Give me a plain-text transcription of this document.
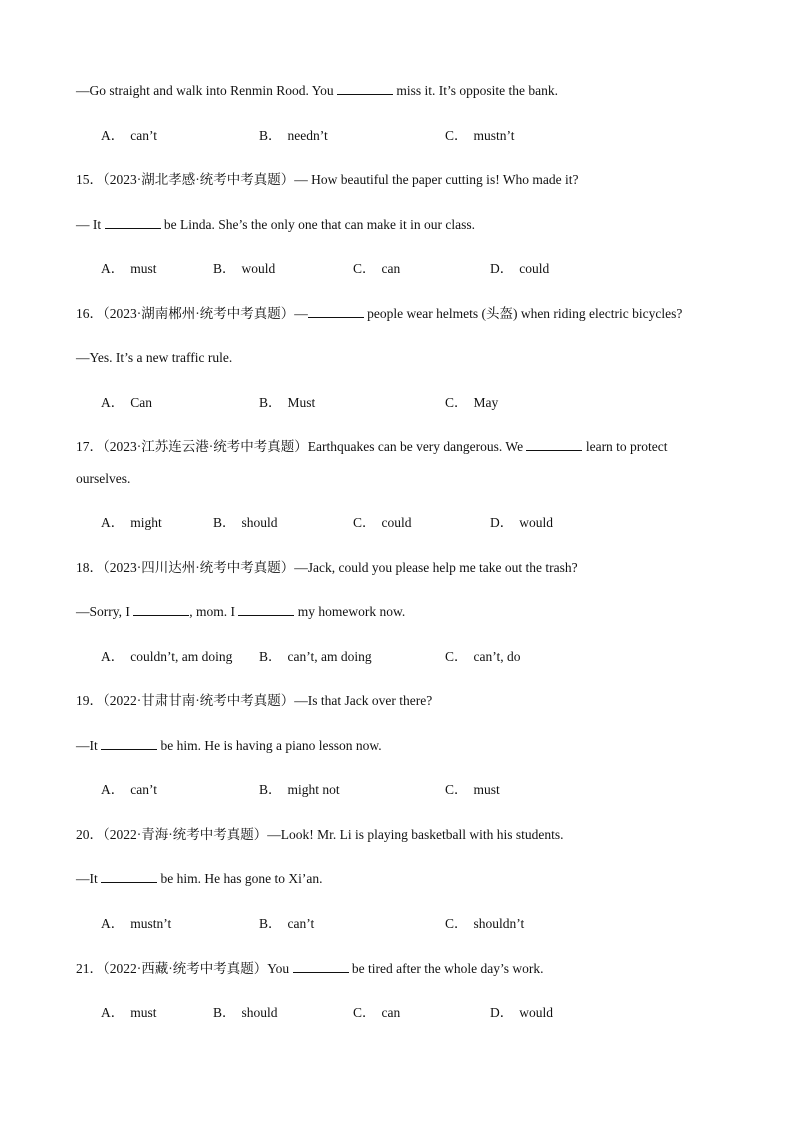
—Go straight and walk into Renmin Rood. You	miss it. It’s opposite the bank.
A． can’t	B． needn’t	C． mustn’t
15．（2023·湖北孝感·统考中考真题）— How beautiful the paper cutting is! Who made it?
— It	be Linda. She’s the only one that can make it in our class.
A． must	B． would	C． can	D． could
16．（2023·湖南郴州·统考中考真题）—	people wear helmets (头盔) when riding electric bicycles?
—Yes. It’s a new traffic rule.
A． Can	B． Must	C． May
17．（2023·江苏连云港·统考中考真题）Earthquakes can be very dangerous. We	learn to protect
ourselves.
A． might	B． should	C． could	D． would
18．（2023·四川达州·统考中考真题）—Jack, could you please help me take out the trash?
—Sorry, I	, mom. I	my homework now.
A． couldn’t, am doing B． can’t, am doing	C． can’t, do
19．（2022·甘肃甘南·统考中考真题）—Is that Jack over there?
—It	be him. He is having a piano lesson now.
A． can’t	B． might not	C． must
20．（2022·青海·统考中考真题）—Look! Mr. Li is playing basketball with his students.
—It	be him. He has gone to Xi’an.
A． mustn’t	B． can’t	C． shouldn’t
21．（2022·西藏·统考中考真题）You	be tired after the whole day’s work.
A． must	B． should	C． can	D． would
